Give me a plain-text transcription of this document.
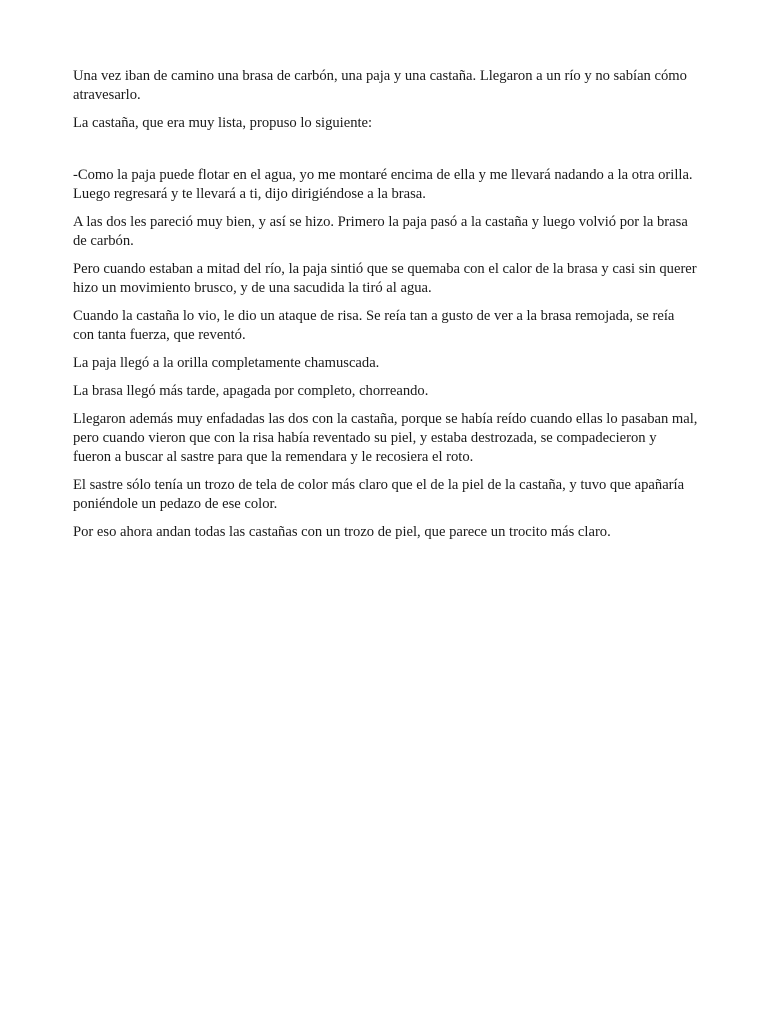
Una vez iban de camino una brasa de carbón, una paja y una castaña. Llegaron a un río y no sabían cómo atravesarlo.

La castaña, que era muy lista, propuso lo siguiente:

-Como la paja puede flotar en el agua, yo me montaré encima de ella y me llevará nadando a la otra orilla. Luego regresará y te llevará a ti, dijo dirigiéndose a la brasa.

A las dos les pareció muy bien, y así se hizo. Primero la paja pasó a la castaña y luego volvió por la brasa de carbón.

Pero cuando estaban a mitad del río, la paja sintió que se quemaba con el calor de la brasa y casi sin querer hizo un movimiento brusco, y de una sacudida la tiró al agua.

Cuando la castaña lo vio, le dio un ataque de risa. Se reía tan a gusto de ver a la brasa remojada, se reía con tanta fuerza, que reventó.

La paja llegó a la orilla completamente chamuscada.

La brasa llegó más tarde, apagada por completo, chorreando.

Llegaron además muy enfadadas las dos con la castaña, porque se había reído cuando ellas lo pasaban mal, pero cuando vieron que con la risa había reventado su piel, y estaba destrozada, se compadecieron y fueron a buscar al sastre para que la remendara y le recosiera el roto.

El sastre sólo tenía un trozo de tela de color más claro que el de la piel de la castaña, y tuvo que apañaría poniéndole un pedazo de ese color.

Por eso ahora andan todas las castañas con un trozo de piel, que parece un trocito más claro.
